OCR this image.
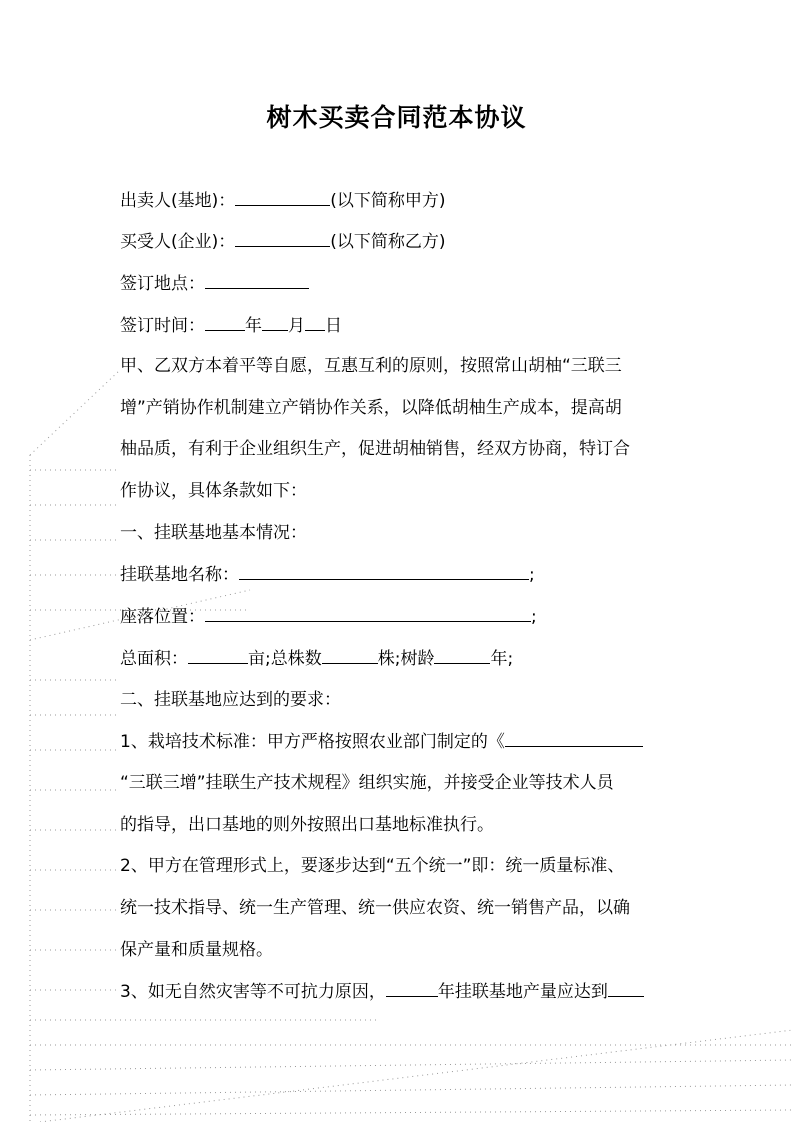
树木买卖合同范本协议
出卖人(基地)：	(以下简称甲方)
买受人(企业)：	(以下简称乙方)
签订地点：
签订时间： 年 月 日
甲、乙双方本着平等自愿，互惠互利的原则，按照常山胡柚“三联三
增”产销协作机制建立产销协作关系，以降低胡柚生产成本，提高胡
柚品质，有利于企业组织生产，促进胡柚销售，经双方协商，特订合
作协议，具体条款如下：
一、挂联基地基本情况：
挂联基地名称：	;
座落位置：	;
总面积：	亩;总株数	株;树龄	年;
二、挂联基地应达到的要求：
1、栽培技术标准：甲方严格按照农业部门制定的《
“三联三增”挂联生产技术规程》组织实施，并接受企业等技术人员
的指导，出口基地的则外按照出口基地标准执行。
2、甲方在管理形式上，要逐步达到“五个统一”即：统一质量标准、
统一技术指导、统一生产管理、统一供应农资、统一销售产品，以确
保产量和质量规格。
3、如无自然灾害等不可抗力原因，	年挂联基地产量应达到
